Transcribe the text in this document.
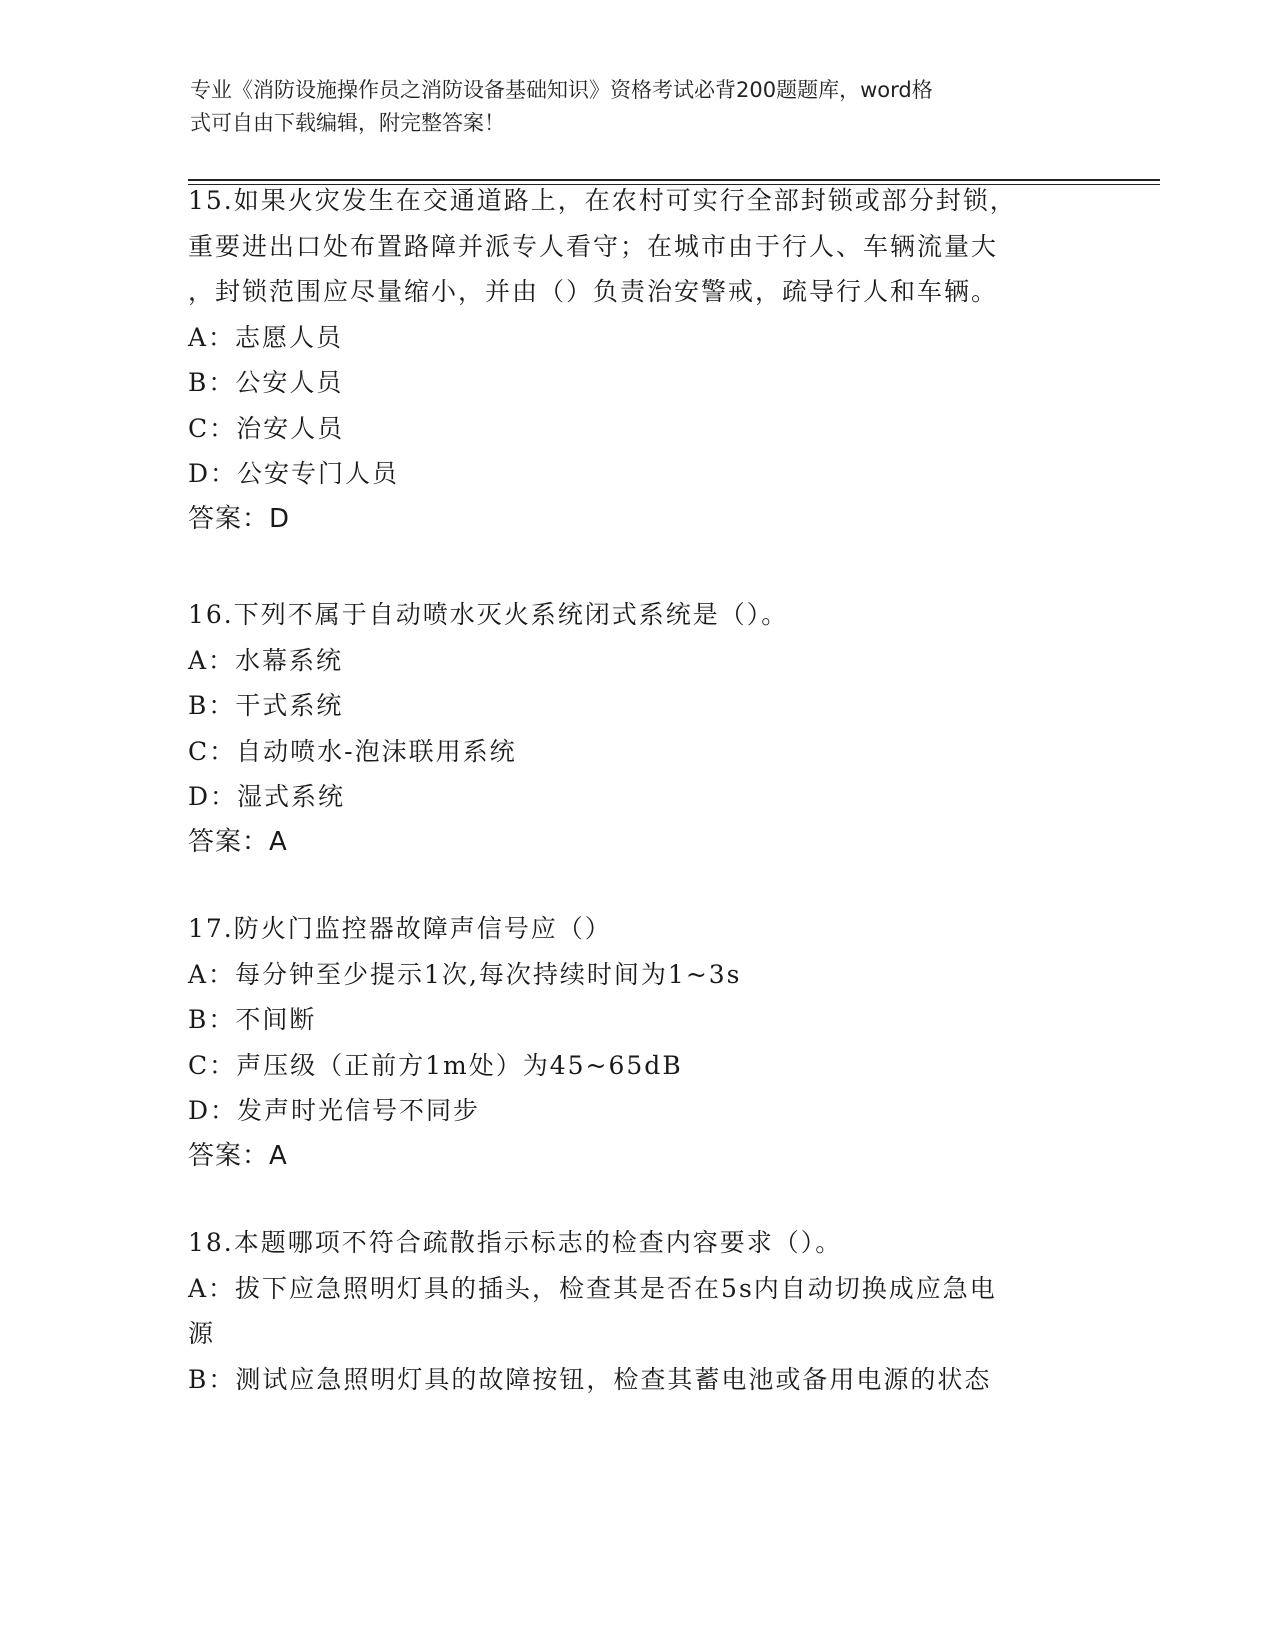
专业《消防设施操作员之消防设备基础知识》资格考试必背200题题库，word格
式可自由下载编辑，附完整答案！
15.如果火灾发生在交通道路上，在农村可实行全部封锁或部分封锁，
重要进出口处布置路障并派专人看守；在城市由于行人、车辆流量大
，封锁范围应尽量缩小，并由（）负责治安警戒，疏导行人和车辆。
A：志愿人员
B：公安人员
C：治安人员
D：公安专门人员
答案：D
16.下列不属于自动喷水灭火系统闭式系统是（）。
A：水幕系统
B：干式系统
C：自动喷水-泡沫联用系统
D：湿式系统
答案：A
17.防火门监控器故障声信号应（）
A：每分钟至少提示1次,每次持续时间为1~3s
B：不间断
C：声压级（正前方1m处）为45~65dB
D：发声时光信号不同步
答案：A
18.本题哪项不符合疏散指示标志的检查内容要求（）。
A：拔下应急照明灯具的插头，检查其是否在5s内自动切换成应急电
源
B：测试应急照明灯具的故障按钮，检查其蓄电池或备用电源的状态
